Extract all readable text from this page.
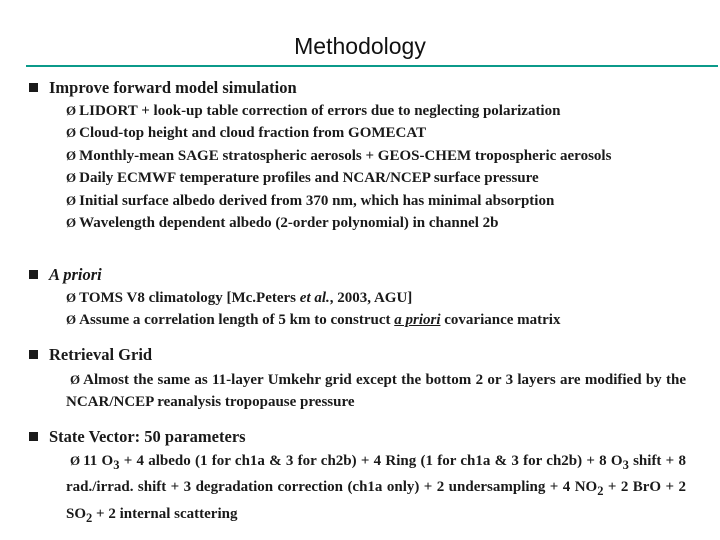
Methodology
Improve forward model simulation
Ø LIDORT + look-up table correction of errors due to neglecting polarization
Ø Cloud-top height and cloud fraction from GOMECAT
Ø Monthly-mean SAGE stratospheric aerosols + GEOS-CHEM tropospheric aerosols
Ø Daily ECMWF temperature profiles and NCAR/NCEP surface pressure
Ø Initial surface albedo derived from 370 nm, which has minimal absorption
Ø Wavelength dependent albedo (2-order polynomial) in channel 2b
A priori
Ø TOMS V8 climatology [Mc.Peters et al., 2003, AGU]
Ø Assume a correlation length of 5 km to construct a priori covariance matrix
Retrieval Grid
Ø Almost the same as 11-layer Umkehr grid except the bottom 2 or 3 layers are modified by the NCAR/NCEP reanalysis tropopause pressure
State Vector: 50 parameters
Ø 11 $O_3 + 4$ albedo (1 for ch1a & 3 for ch2b) + 4 Ring (1 for ch1a & 3 for ch2b) + 8 $O_3$ shift + 8 rad./irrad. shift + 3 degradation correction (ch1a only) + 2 undersampling + 4 $NO_2 + 2$ BrO + 2 $SO_2 + 2$ internal scattering
